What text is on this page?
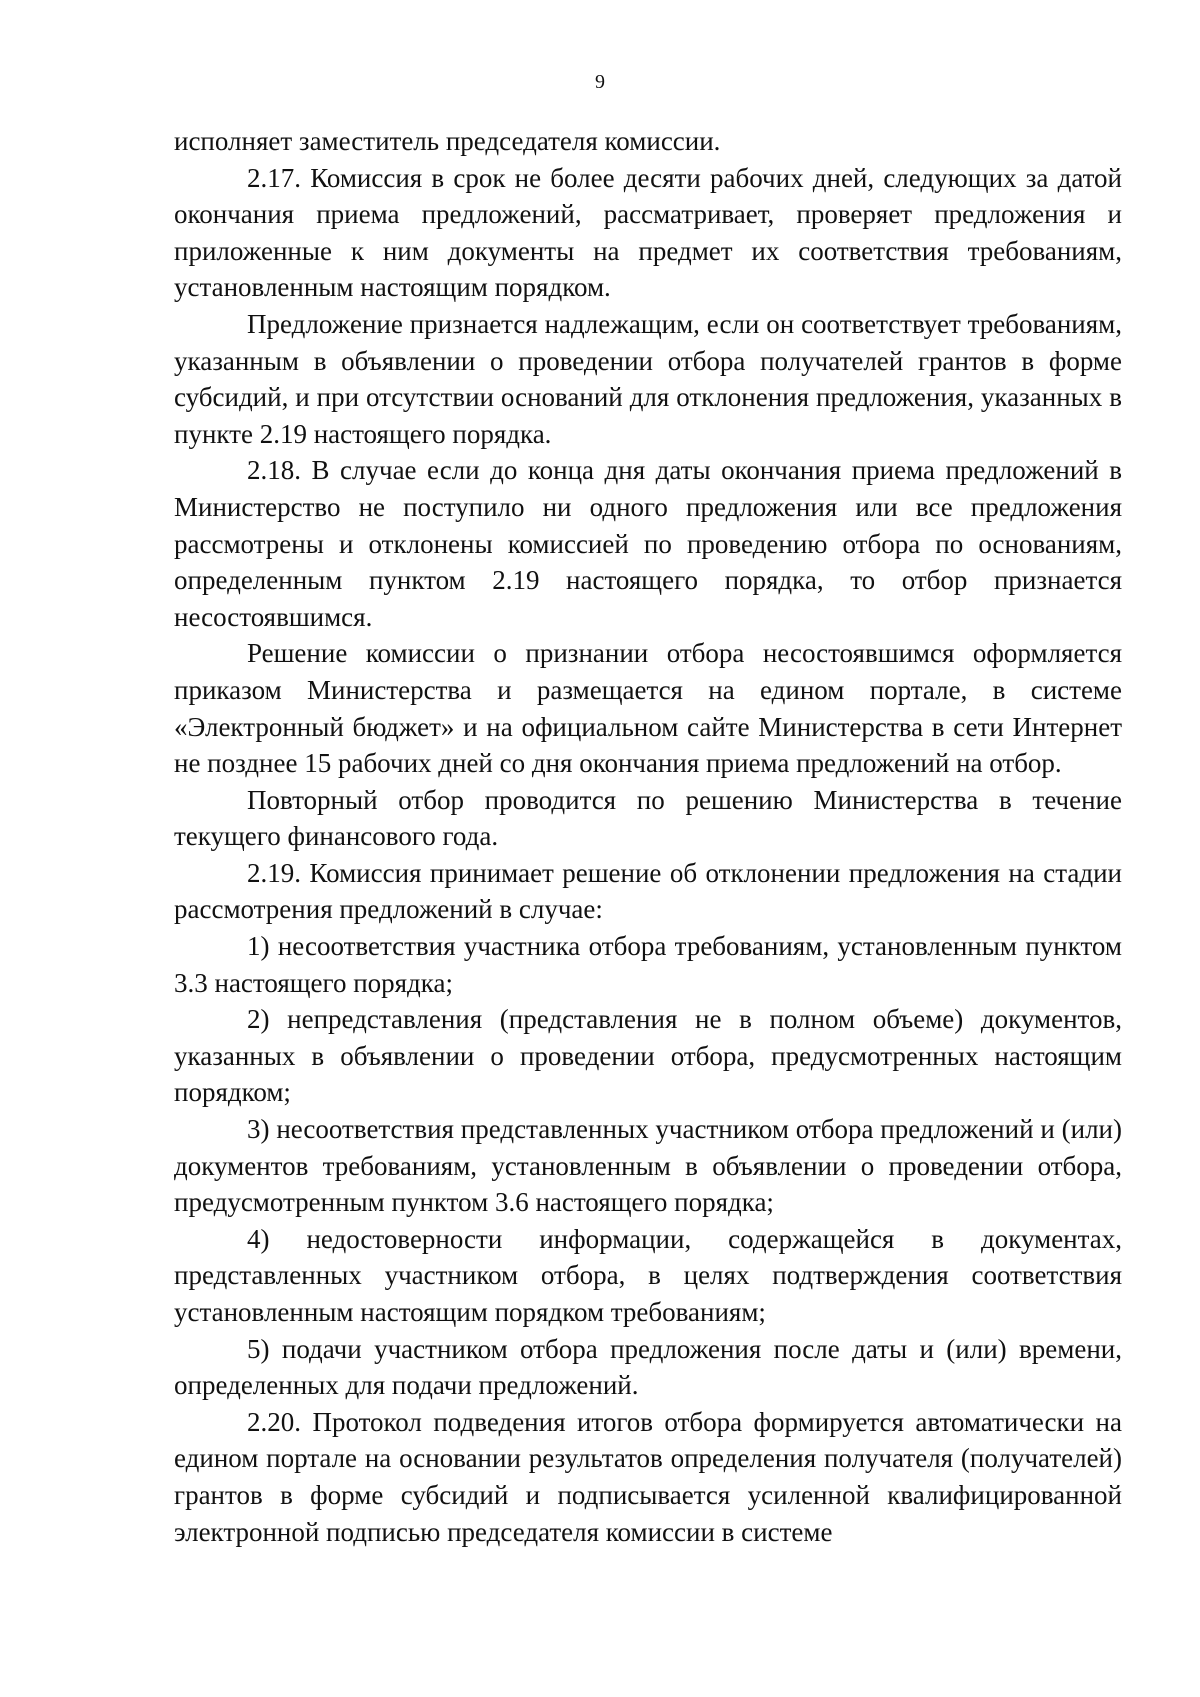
9

исполняет заместитель председателя комиссии.

2.17. Комиссия в срок не более десяти рабочих дней, следующих за датой окончания приема предложений, рассматривает, проверяет предложения и приложенные к ним документы на предмет их соответствия требованиям, установленным настоящим порядком.

Предложение признается надлежащим, если он соответствует требованиям, указанным в объявлении о проведении отбора получателей грантов в форме субсидий, и при отсутствии оснований для отклонения предложения, указанных в пункте 2.19 настоящего порядка.

2.18. В случае если до конца дня даты окончания приема предложений в Министерство не поступило ни одного предложения или все предложения рассмотрены и отклонены комиссией по проведению отбора по основаниям, определенным пунктом 2.19 настоящего порядка, то отбор признается несостоявшимся.

Решение комиссии о признании отбора несостоявшимся оформляется приказом Министерства и размещается на едином портале, в системе «Электронный бюджет» и на официальном сайте Министерства в сети Интернет не позднее 15 рабочих дней со дня окончания приема предложений на отбор.

Повторный отбор проводится по решению Министерства в течение текущего финансового года.

2.19. Комиссия принимает решение об отклонении предложения на стадии рассмотрения предложений в случае:

1) несоответствия участника отбора требованиям, установленным пунктом 3.3 настоящего порядка;

2) непредставления (представления не в полном объеме) документов, указанных в объявлении о проведении отбора, предусмотренных настоящим порядком;

3) несоответствия представленных участником отбора предложений и (или) документов требованиям, установленным в объявлении о проведении отбора, предусмотренным пунктом 3.6 настоящего порядка;

4) недостоверности информации, содержащейся в документах, представленных участником отбора, в целях подтверждения соответствия установленным настоящим порядком требованиям;

5) подачи участником отбора предложения после даты и (или) времени, определенных для подачи предложений.

2.20. Протокол подведения итогов отбора формируется автоматически на едином портале на основании результатов определения получателя (получателей) грантов в форме субсидий и подписывается усиленной квалифицированной электронной подписью председателя комиссии в системе
